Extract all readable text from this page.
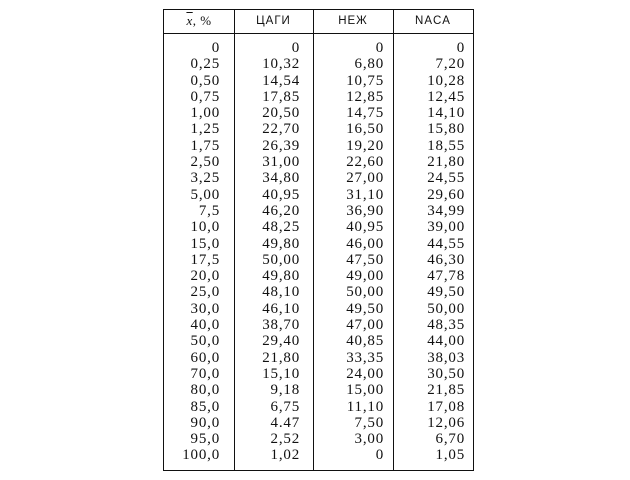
$\overline{x}$, %	ЦАГИ	НЕЖ	NACA
0	0	0	0
0,25	10,32	6,80	7,20
0,50	14,54	10,75	10,28
0,75	17,85	12,85	12,45
1,00	20,50	14,75	14,10
1,25	22,70	16,50	15,80
1,75	26,39	19,20	18,55
2,50	31,00	22,60	21,80
3,25	34,80	27,00	24,55
5,00	40,95	31,10	29,60
7,5	46,20	36,90	34,99
10,0	48,25	40,95	39,00
15,0	49,80	46,00	44,55
17,5	50,00	47,50	46,30
20,0	49,80	49,00	47,78
25,0	48,10	50,00	49,50
30,0	46,10	49,50	50,00
40,0	38,70	47,00	48,35
50,0	29,40	40,85	44,00
60,0	21,80	33,35	38,03
70,0	15,10	24,00	30,50
80,0	9,18	15,00	21,85
85,0	6,75	11,10	17,08
90,0	4.47	7,50	12,06
95,0	2,52	3,00	6,70
100,0	1,02	0	1,05
